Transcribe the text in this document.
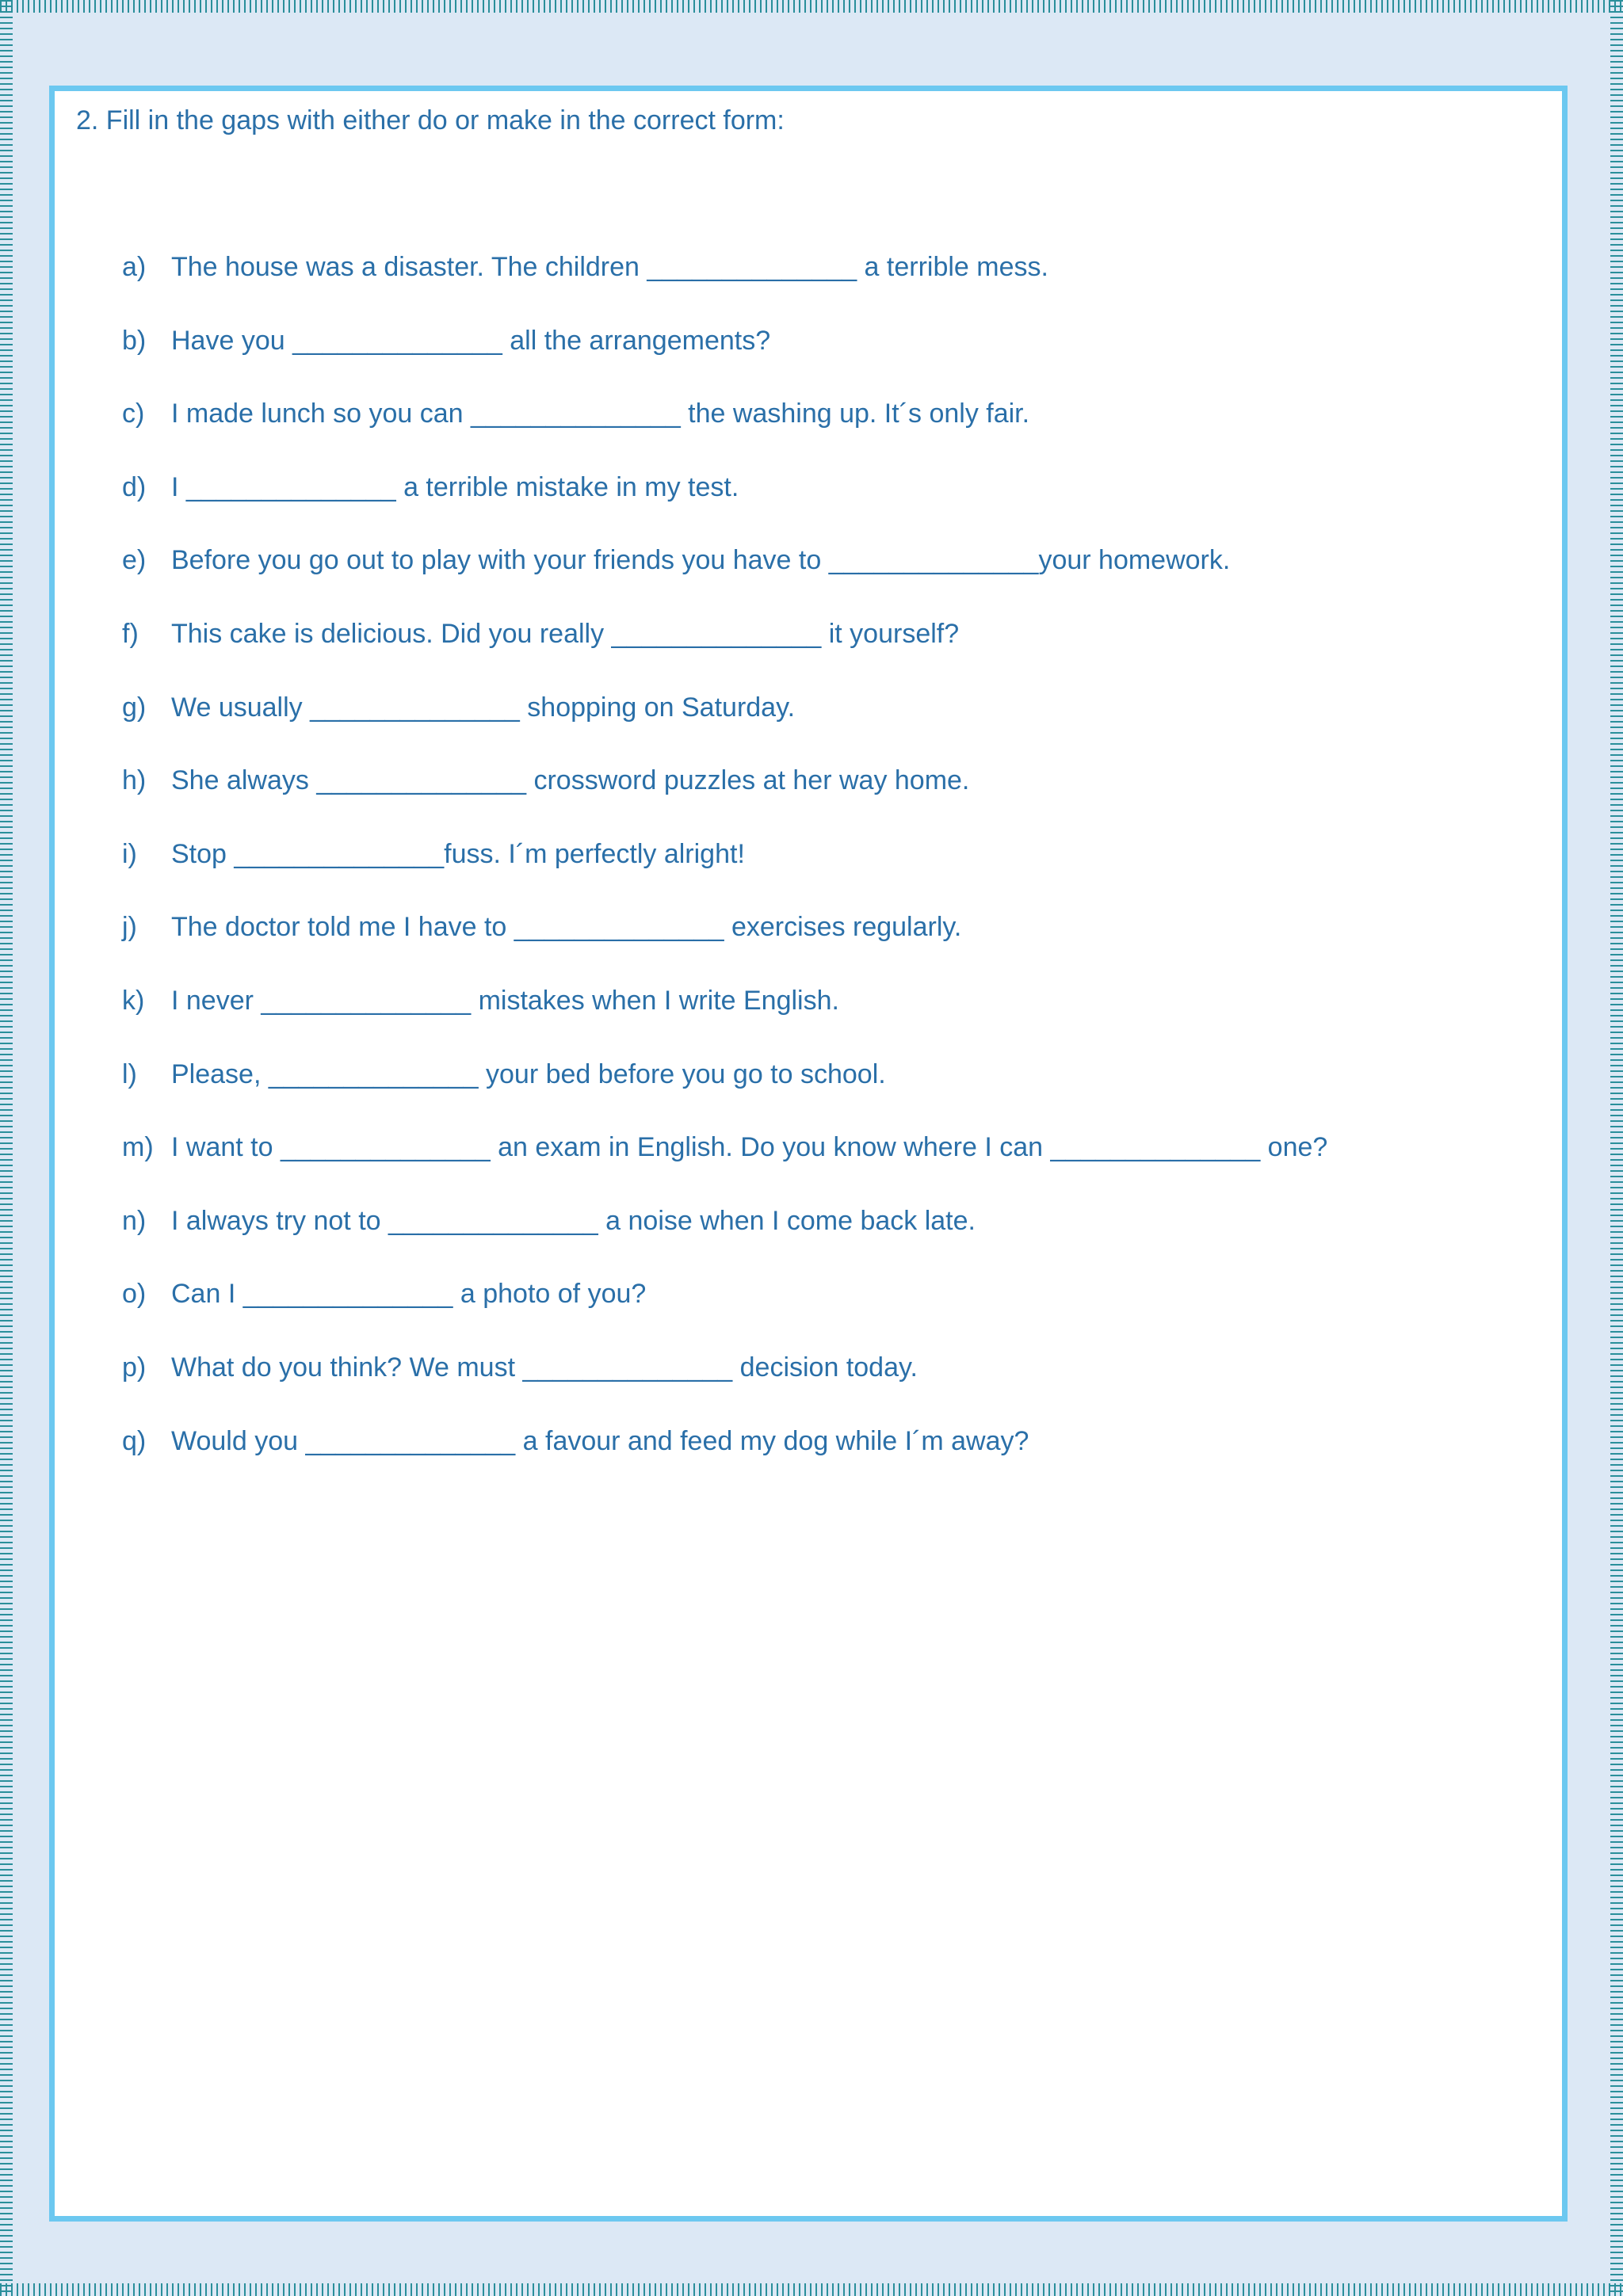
2. Fill in the gaps with either do or make in the correct form:
a) The house was a disaster. The children ______________ a terrible mess.
b) Have you ______________ all the arrangements?
c) I made lunch so you can ______________ the washing up. It´s only fair.
d) I ______________ a terrible mistake in my test.
e) Before you go out to play with your friends you have to ______________your homework.
f) This cake is delicious. Did you really ______________ it yourself?
g) We usually ______________ shopping on Saturday.
h) She always ______________ crossword puzzles at her way home.
i) Stop ______________fuss. I´m perfectly alright!
j) The doctor told me I have to ______________ exercises regularly.
k) I never ______________ mistakes when I write English.
l) Please, ______________ your bed before you go to school.
m) I want to ______________ an exam in English. Do you know where I can ______________ one?
n) I always try not to ______________ a noise when I come back late.
o) Can I ______________ a photo of you?
p) What do you think? We must ______________ decision today.
q) Would you ______________ a favour and feed my dog while I´m away?
